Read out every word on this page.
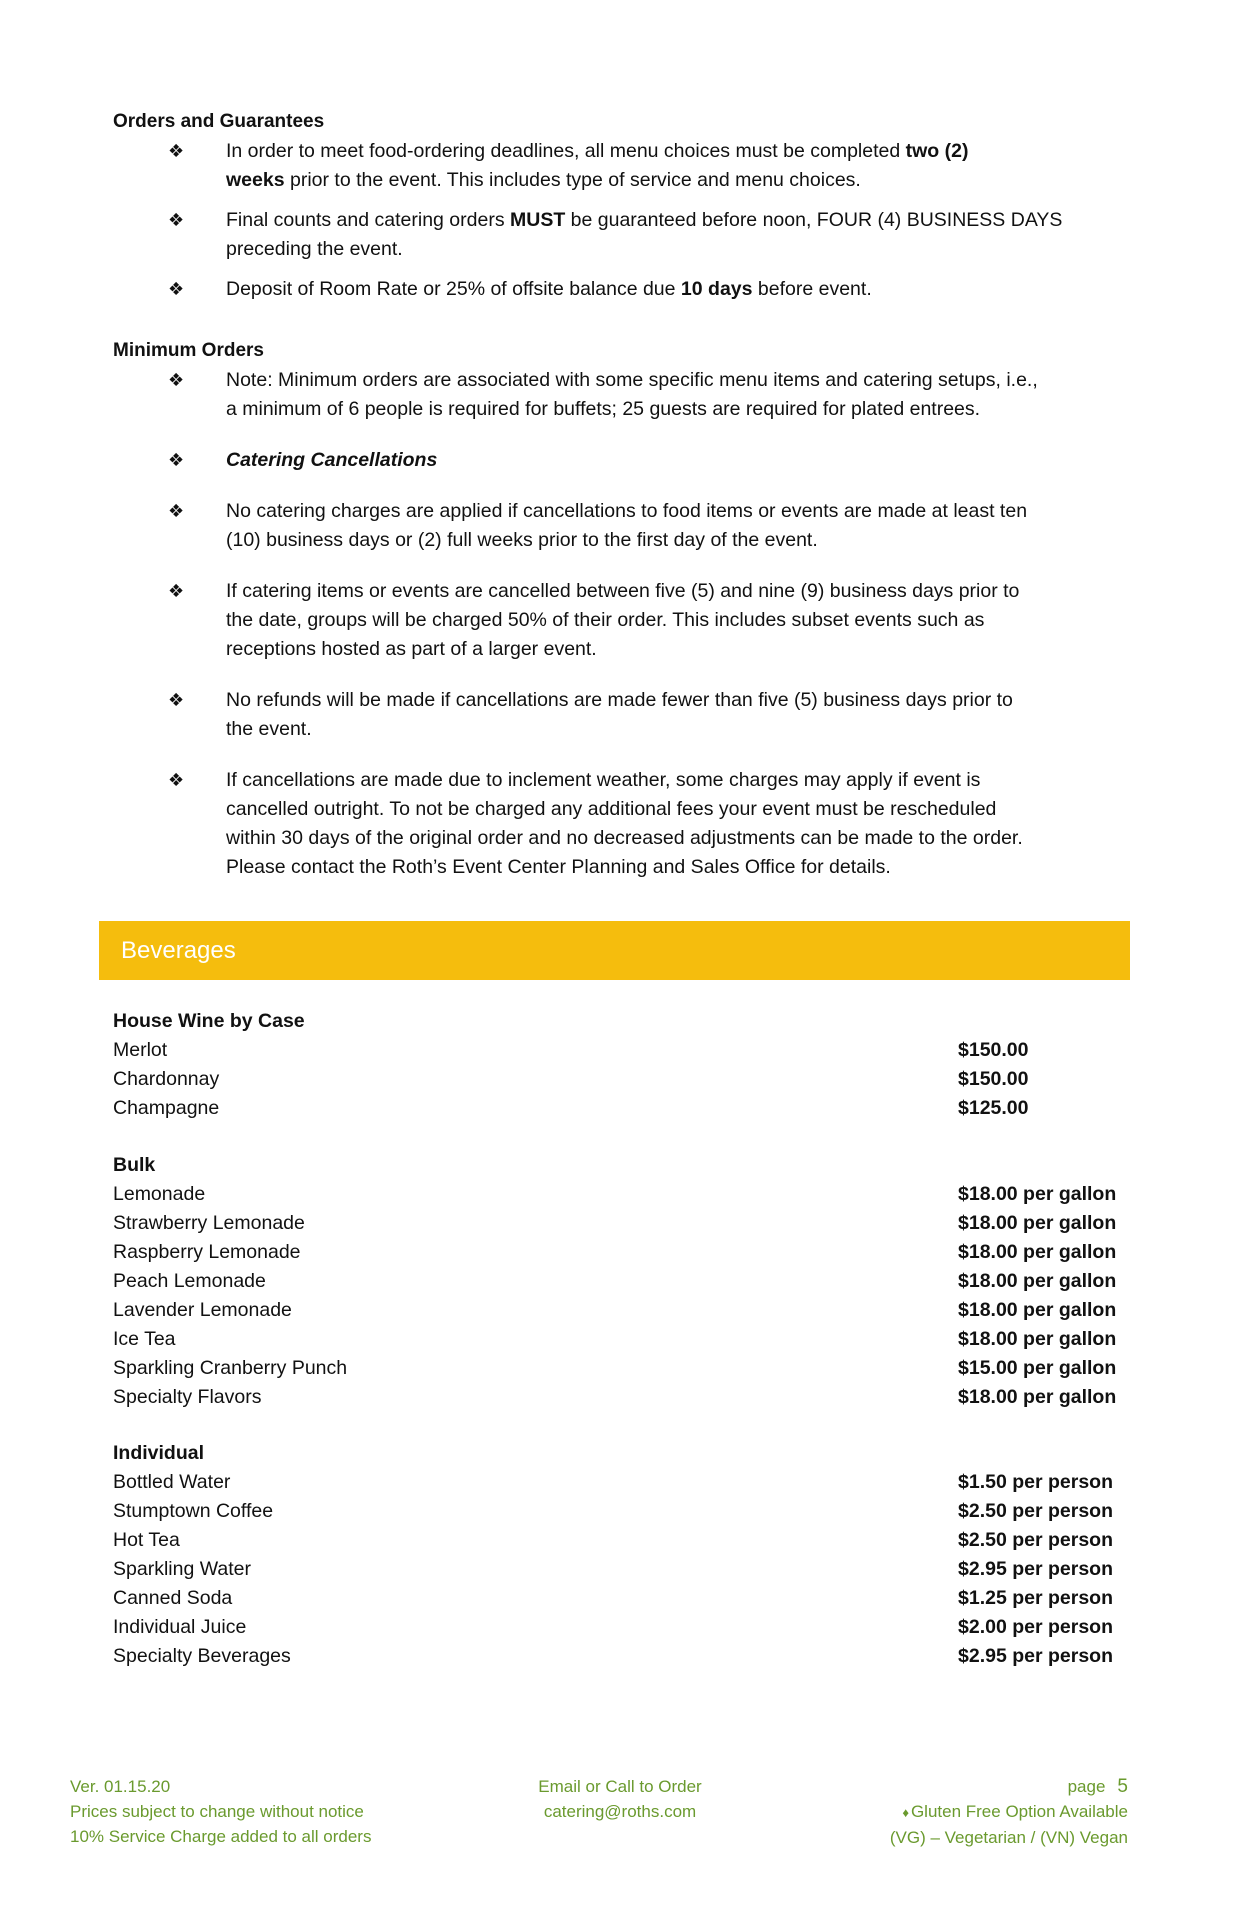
Orders and Guarantees
❖ In order to meet food-ordering deadlines, all menu choices must be completed two (2)
weeks prior to the event. This includes type of service and menu choices.
❖ Final counts and catering orders MUST be guaranteed before noon, FOUR (4) BUSINESS DAYS
preceding the event.
❖ Deposit of Room Rate or 25% of offsite balance due 10 days before event.
Minimum Orders
❖ Note: Minimum orders are associated with some specific menu items and catering setups, i.e.,
a minimum of 6 people is required for buffets; 25 guests are required for plated entrees.
❖ Catering Cancellations
❖ No catering charges are applied if cancellations to food items or events are made at least ten
(10) business days or (2) full weeks prior to the first day of the event.
❖ If catering items or events are cancelled between five (5) and nine (9) business days prior to
the date, groups will be charged 50% of their order. This includes subset events such as
receptions hosted as part of a larger event.
❖ No refunds will be made if cancellations are made fewer than five (5) business days prior to
the event.
❖ If cancellations are made due to inclement weather, some charges may apply if event is
cancelled outright. To not be charged any additional fees your event must be rescheduled
within 30 days of the original order and no decreased adjustments can be made to the order.
Please contact the Roth’s Event Center Planning and Sales Office for details.
Beverages
House Wine by Case
Merlot	$150.00
Chardonnay	$150.00
Champagne	$125.00
Bulk
Lemonade	$18.00 per gallon
Strawberry Lemonade	$18.00 per gallon
Raspberry Lemonade	$18.00 per gallon
Peach Lemonade	$18.00 per gallon
Lavender Lemonade	$18.00 per gallon
Ice Tea	$18.00 per gallon
Sparkling Cranberry Punch	$15.00 per gallon
Specialty Flavors	$18.00 per gallon
Individual
Bottled Water	$1.50 per person
Stumptown Coffee	$2.50 per person
Hot Tea	$2.50 per person
Sparkling Water	$2.95 per person
Canned Soda	$1.25 per person
Individual Juice	$2.00 per person
Specialty Beverages	$2.95 per person
Ver. 01.15.20
Prices subject to change without notice
10% Service Charge added to all orders
Email or Call to Order
catering@roths.com
page 5
♦ Gluten Free Option Available
(VG) – Vegetarian / (VN) Vegan
